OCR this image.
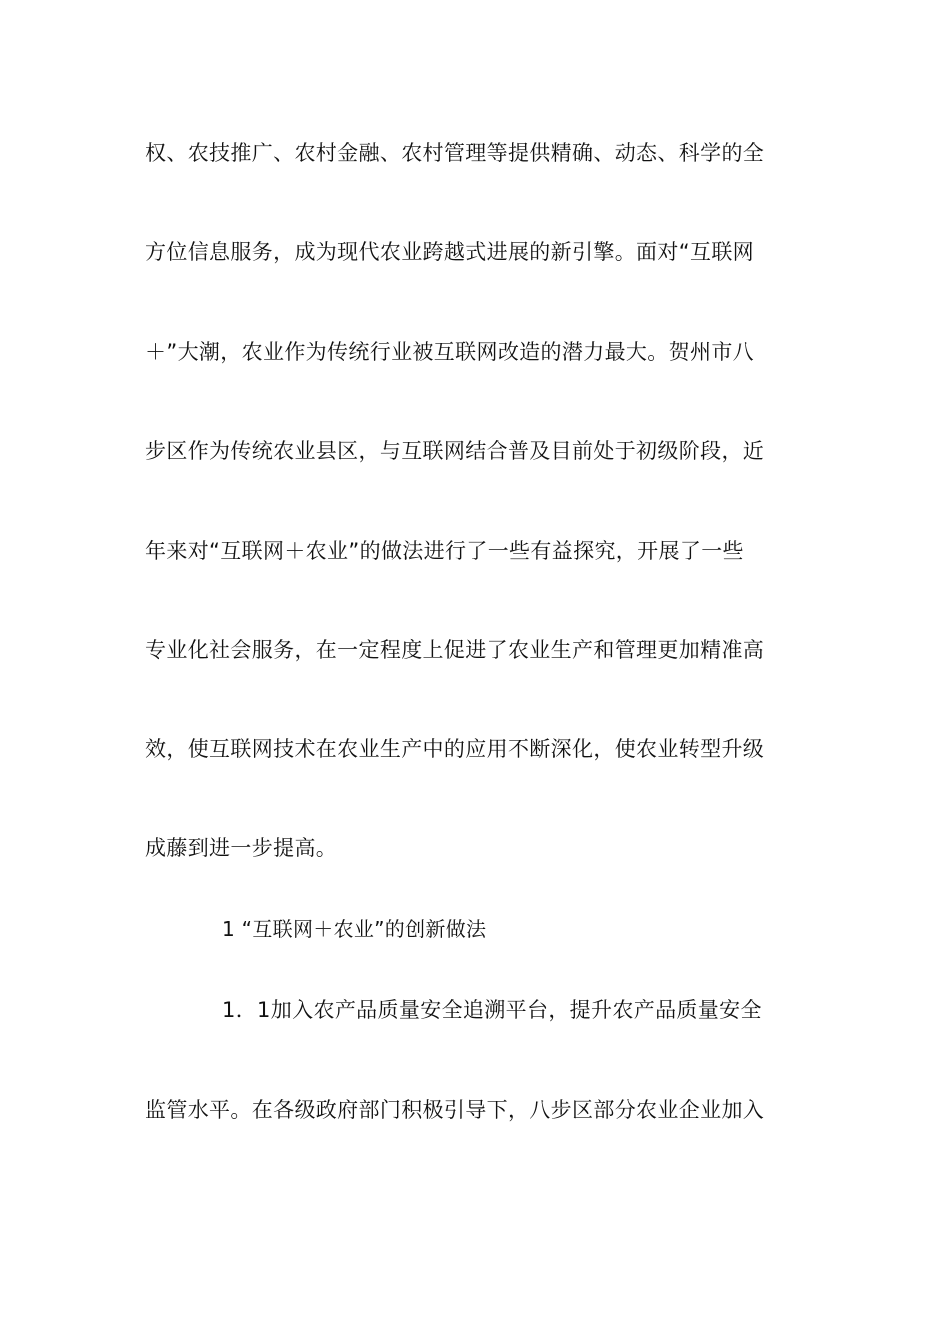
权、农技推广、农村金融、农村管理等提供精确、动态、科学的全
方位信息服务，成为现代农业跨越式进展的新引擎。面对“互联网
＋”大潮，农业作为传统行业被互联网改造的潜力最大。贺州市八
步区作为传统农业县区，与互联网结合普及目前处于初级阶段，近
年来对“互联网＋农业”的做法进行了一些有益探究，开展了一些
专业化社会服务，在一定程度上促进了农业生产和管理更加精准高
效，使互联网技术在农业生产中的应用不断深化，使农业转型升级
成藤到进一步提高。
1 “互联网＋农业”的创新做法
1．1加入农产品质量安全追溯平台，提升农产品质量安全
监管水平。在各级政府部门积极引导下，八步区部分农业企业加入
